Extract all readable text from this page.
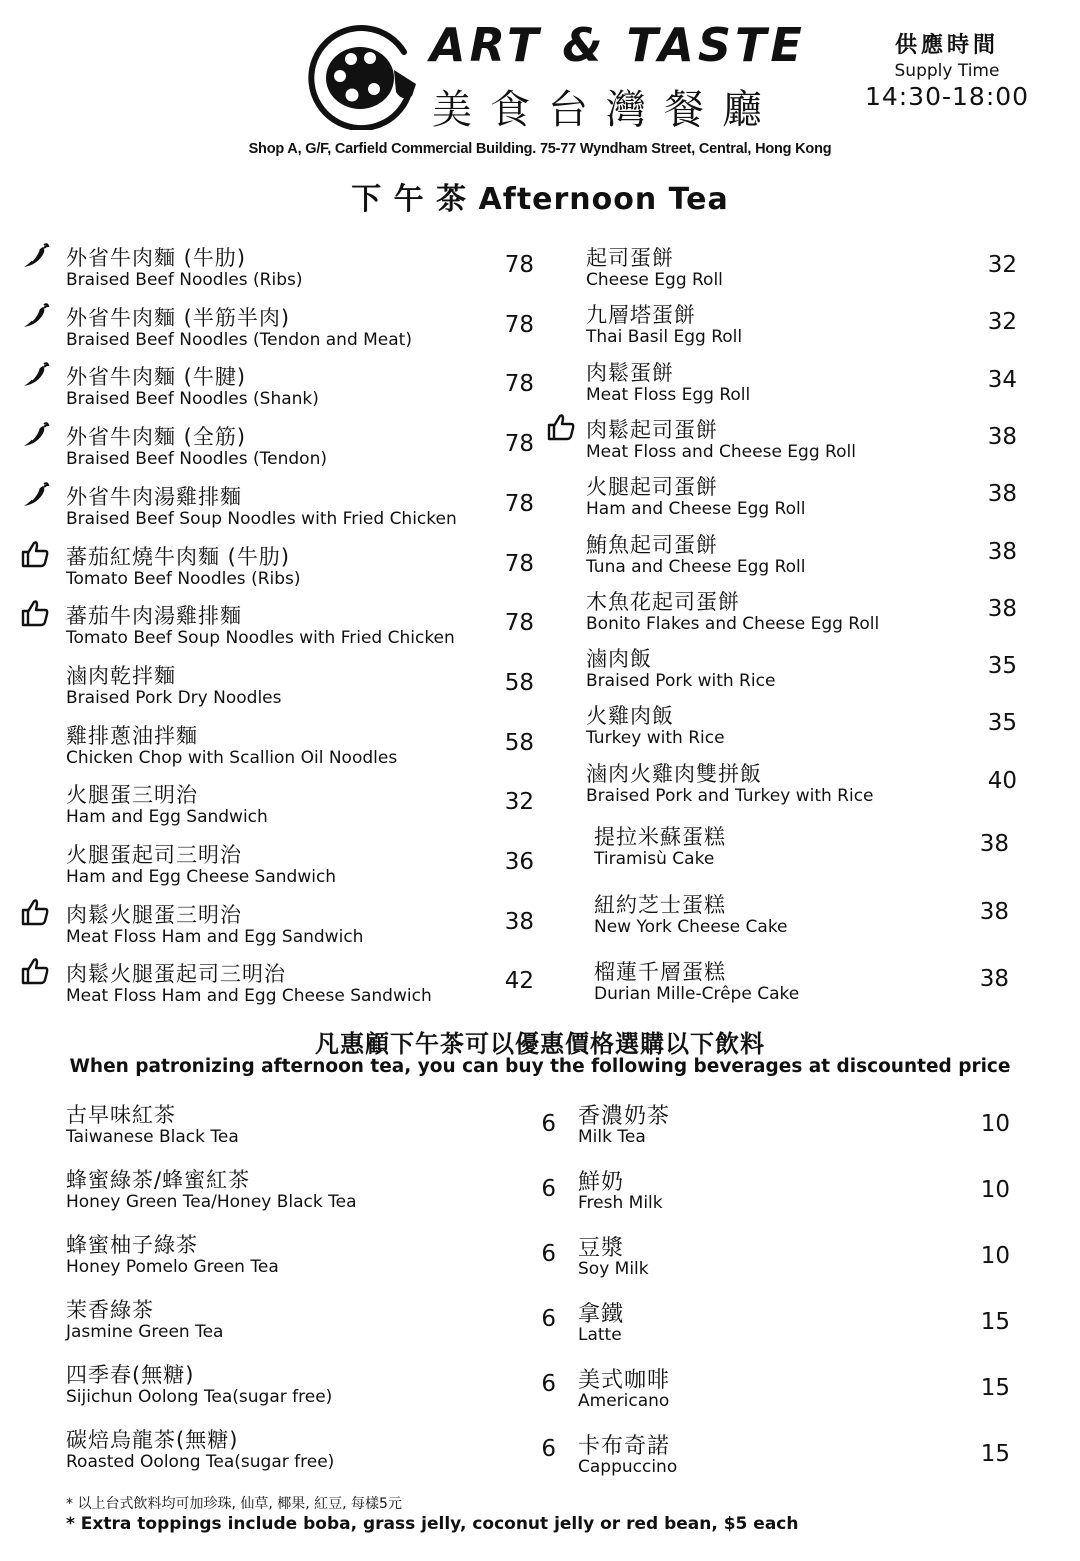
ART & TASTE
美食台灣餐廳
供應時間
Supply Time
14:30-18:00
Shop A, G/F, Carfield Commercial Building. 75-77 Wyndham Street, Central, Hong Kong
下 午 茶 Afternoon Tea
外省牛肉麵 (牛肋)
Braised Beef Noodles (Ribs)
78
外省牛肉麵 (半筋半肉)
Braised Beef Noodles (Tendon and Meat)
78
外省牛肉麵 (牛腱)
Braised Beef Noodles (Shank)
78
外省牛肉麵 (全筋)
Braised Beef Noodles (Tendon)
78
外省牛肉湯雞排麵
Braised Beef Soup Noodles with Fried Chicken
78
蕃茄紅燒牛肉麵 (牛肋)
Tomato Beef Noodles (Ribs)
78
蕃茄牛肉湯雞排麵
Tomato Beef Soup Noodles with Fried Chicken
78
滷肉乾拌麵
Braised Pork Dry Noodles
58
雞排蔥油拌麵
Chicken Chop with Scallion Oil Noodles
58
火腿蛋三明治
Ham and Egg Sandwich
32
火腿蛋起司三明治
Ham and Egg Cheese Sandwich
36
肉鬆火腿蛋三明治
Meat Floss Ham and Egg Sandwich
38
肉鬆火腿蛋起司三明治
Meat Floss Ham and Egg Cheese Sandwich
42
起司蛋餅
Cheese Egg Roll
32
九層塔蛋餅
Thai Basil Egg Roll
32
肉鬆蛋餅
Meat Floss Egg Roll
34
肉鬆起司蛋餅
Meat Floss and Cheese Egg Roll
38
火腿起司蛋餅
Ham and Cheese Egg Roll
38
鮪魚起司蛋餅
Tuna and Cheese Egg Roll
38
木魚花起司蛋餅
Bonito Flakes and Cheese Egg Roll
38
滷肉飯
Braised Pork with Rice
35
火雞肉飯
Turkey with Rice
35
滷肉火雞肉雙拼飯
Braised Pork and Turkey with Rice
40
提拉米蘇蛋糕
Tiramisù Cake
38
紐約芝士蛋糕
New York Cheese Cake
38
榴蓮千層蛋糕
Durian Mille-Crêpe Cake
38
凡惠顧下午茶可以優惠價格選購以下飲料
When patronizing afternoon tea, you can buy the following beverages at discounted price
古早味紅茶
Taiwanese Black Tea	6
蜂蜜綠茶/蜂蜜紅茶
Honey Green Tea/Honey Black Tea	6
蜂蜜柚子綠茶
Honey Pomelo Green Tea	6
茉香綠茶
Jasmine Green Tea	6
四季春(無糖)
Sijichun Oolong Tea(sugar free)	6
碳焙烏龍茶(無糖)
Roasted Oolong Tea(sugar free)	6
香濃奶茶
Milk Tea	10
鮮奶
Fresh Milk	10
豆漿
Soy Milk	10
拿鐵
Latte	15
美式咖啡
Americano	15
卡布奇諾
Cappuccino	15
* 以上台式飲料均可加珍珠, 仙草, 椰果, 紅豆, 每樣5元
* Extra toppings include boba, grass jelly, coconut jelly or red bean, $5 each
